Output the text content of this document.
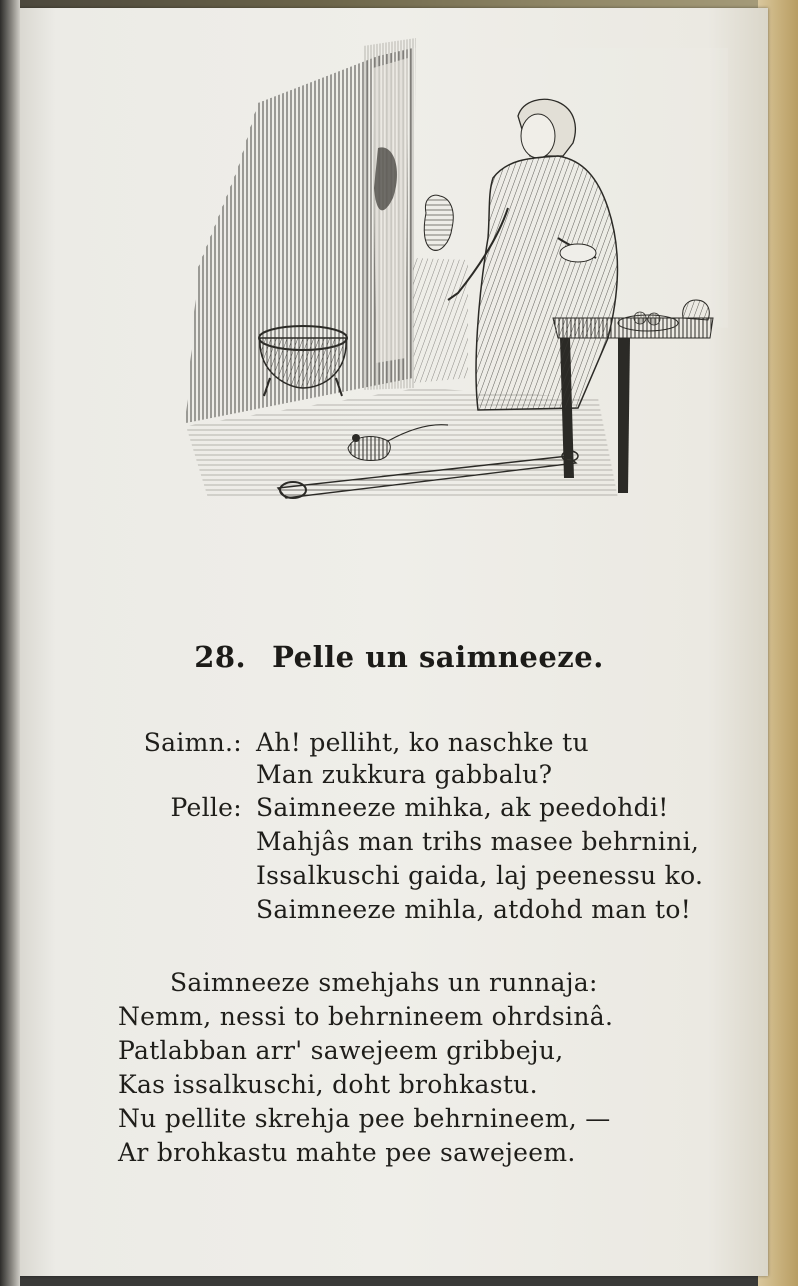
28. Pelle un saimneeze.
Saimn.: Ah! pelliht, ko naschke tu
Man zukkura gabbalu?
Pelle: Saimneeze mihka, ak peedohdi!
Mahjâs man trihs masee behrnini,
Issalkuschi gaida, laj peenessu ko.
Saimneeze mihla, atdohd man to!
Saimneeze smehjahs un runnaja:
Nemm, nessi to behrnineem ohrdsinâ.
Patlabban arr' sawejeem gribbeju,
Kas issalkuschi, doht brohkastu.
Nu pellite skrehja pee behrnineem, —
Ar brohkastu mahte pee sawejeem.
